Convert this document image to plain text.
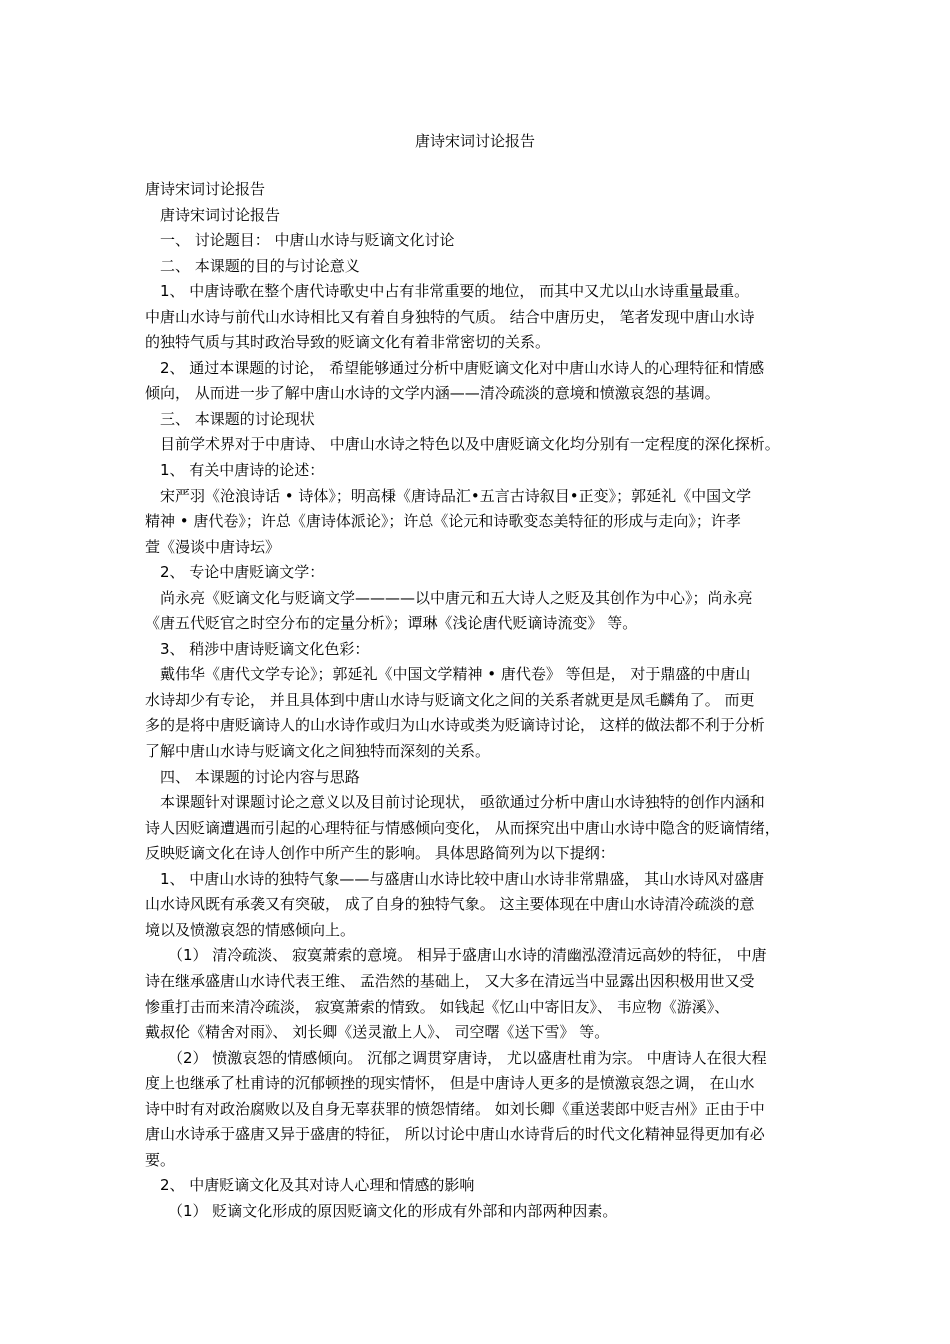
唐诗宋词讨论报告
唐诗宋词讨论报告
唐诗宋词讨论报告
一、 讨论题目： 中唐山水诗与贬谪文化讨论
二、 本课题的目的与讨论意义
1、 中唐诗歌在整个唐代诗歌史中占有非常重要的地位， 而其中又尤以山水诗重量最重。
中唐山水诗与前代山水诗相比又有着自身独特的气质。 结合中唐历史， 笔者发现中唐山水诗
的独特气质与其时政治导致的贬谪文化有着非常密切的关系。
2、 通过本课题的讨论， 希望能够通过分析中唐贬谪文化对中唐山水诗人的心理特征和情感
倾向， 从而进一步了解中唐山水诗的文学内涵——清冷疏淡的意境和愤激哀怨的基调。
三、 本课题的讨论现状
目前学术界对于中唐诗、 中唐山水诗之特色以及中唐贬谪文化均分别有一定程度的深化探析。
1、 有关中唐诗的论述：
宋严羽《沧浪诗话 • 诗体》；明高棅《唐诗品汇•五言古诗叙目•正变》；郭延礼《中国文学
精神 • 唐代卷》；许总《唐诗体派论》；许总《论元和诗歌变态美特征的形成与走向》；许孝
萱《漫谈中唐诗坛》
2、 专论中唐贬谪文学：
尚永亮《贬谪文化与贬谪文学————以中唐元和五大诗人之贬及其创作为中心》；尚永亮
《唐五代贬官之时空分布的定量分析》；谭琳《浅论唐代贬谪诗流变》 等。
3、 稍涉中唐诗贬谪文化色彩：
戴伟华《唐代文学专论》；郭延礼《中国文学精神 • 唐代卷》 等但是， 对于鼎盛的中唐山
水诗却少有专论， 并且具体到中唐山水诗与贬谪文化之间的关系者就更是凤毛麟角了。 而更
多的是将中唐贬谪诗人的山水诗作或归为山水诗或类为贬谪诗讨论， 这样的做法都不利于分析
了解中唐山水诗与贬谪文化之间独特而深刻的关系。
四、 本课题的讨论内容与思路
本课题针对课题讨论之意义以及目前讨论现状， 亟欲通过分析中唐山水诗独特的创作内涵和
诗人因贬谪遭遇而引起的心理特征与情感倾向变化， 从而探究出中唐山水诗中隐含的贬谪情绪，
反映贬谪文化在诗人创作中所产生的影响。 具体思路简列为以下提纲：
1、 中唐山水诗的独特气象——与盛唐山水诗比较中唐山水诗非常鼎盛， 其山水诗风对盛唐
山水诗风既有承袭又有突破， 成了自身的独特气象。 这主要体现在中唐山水诗清冷疏淡的意
境以及愤激哀怨的情感倾向上。
（1） 清冷疏淡、 寂寞萧索的意境。 相异于盛唐山水诗的清幽泓澄清远高妙的特征， 中唐
诗在继承盛唐山水诗代表王维、 孟浩然的基础上， 又大多在清远当中显露出因积极用世又受
惨重打击而来清冷疏淡， 寂寞萧索的情致。 如钱起《忆山中寄旧友》、 韦应物《游溪》、
戴叔伦《精舍对雨》、 刘长卿《送灵澈上人》、 司空曙《送下雪》 等。
（2） 愤激哀怨的情感倾向。 沉郁之调贯穿唐诗， 尤以盛唐杜甫为宗。 中唐诗人在很大程
度上也继承了杜甫诗的沉郁顿挫的现实情怀， 但是中唐诗人更多的是愤激哀怨之调， 在山水
诗中时有对政治腐败以及自身无辜获罪的愤怨情绪。 如刘长卿《重送裴郎中贬吉州》正由于中
唐山水诗承于盛唐又异于盛唐的特征， 所以讨论中唐山水诗背后的时代文化精神显得更加有必
要。
2、 中唐贬谪文化及其对诗人心理和情感的影响
（1） 贬谪文化形成的原因贬谪文化的形成有外部和内部两种因素。
